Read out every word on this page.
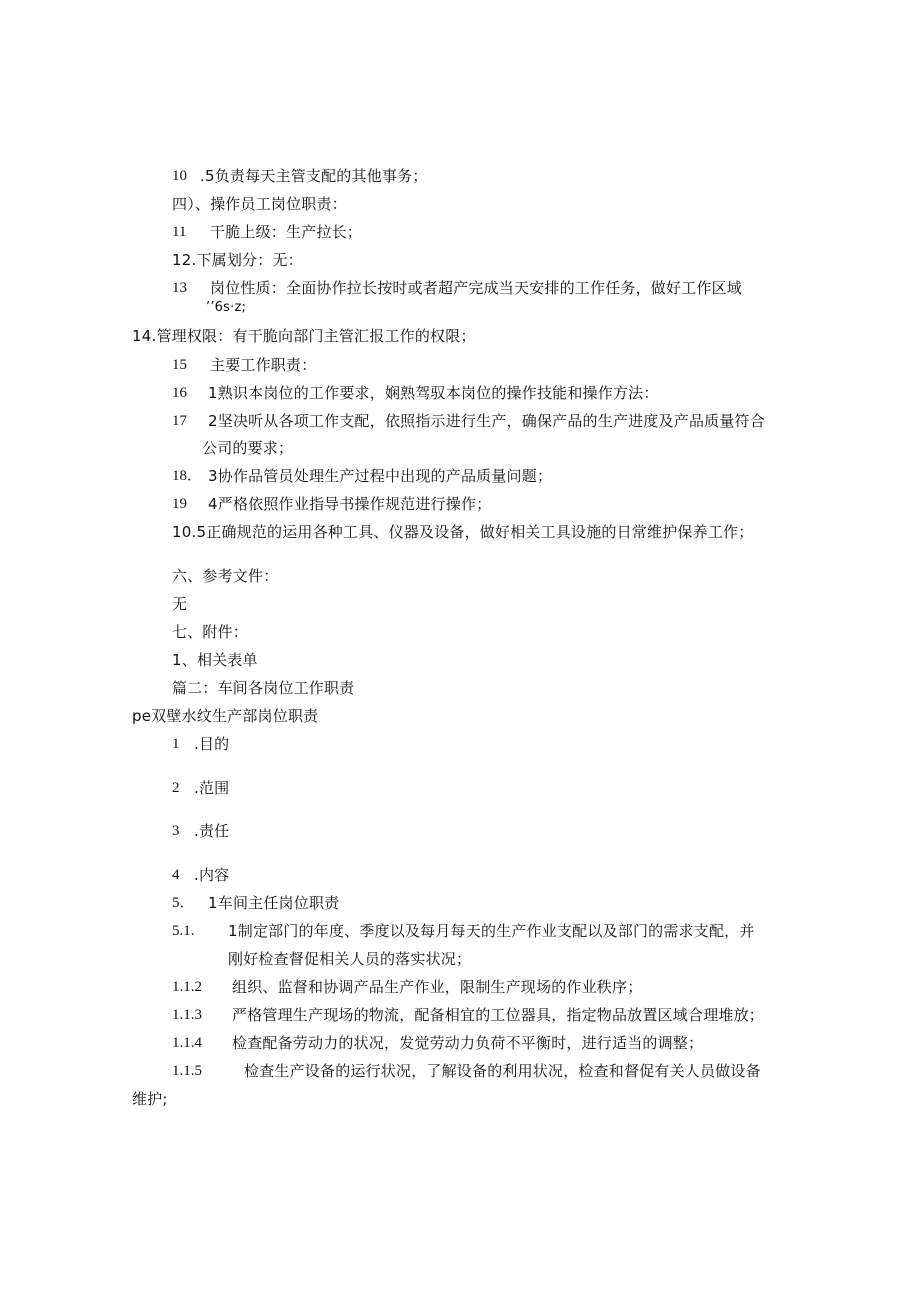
10 .5负责每天主管支配的其他事务；
四）、操作员工岗位职责：
11 干脆上级：生产拉长；
12.下属划分：无：
13 岗位性质：全面协作拉长按时或者超产完成当天安排的工作任务，做好工作区域
’’6s·z;
14.管理权限：有干脆向部门主管汇报工作的权限；
15 主要工作职责：
16 1熟识本岗位的工作要求，娴熟驾驭本岗位的操作技能和操作方法：
17 2坚决听从各项工作支配，依照指示进行生产，确保产品的生产进度及产品质量符合
公司的要求；
18． 3协作品管员处理生产过程中出现的产品质量问题；
19 4严格依照作业指导书操作规范进行操作；
10.5正确规范的运用各种工具、仪器及设备，做好相关工具设施的日常维护保养工作；
六、参考文件：
无
七、附件：
1、相关表单
篇二：车间各岗位工作职责
pe双壁水纹生产部岗位职责
1 .目的
2 .范围
3 .责任
4 .内容
5． 1车间主任岗位职责
5.1. 1制定部门的年度、季度以及每月每天的生产作业支配以及部门的需求支配，并
刚好检查督促相关人员的落实状况；
1.1.2 组织、监督和协调产品生产作业，限制生产现场的作业秩序；
1.1.3 严格管理生产现场的物流，配备相宜的工位器具，指定物品放置区域合理堆放；
1.1.4 检查配备劳动力的状况，发觉劳动力负荷不平衡时，进行适当的调整；
1.1.5	检查生产设备的运行状况，了解设备的利用状况，检查和督促有关人员做设备
维护;
